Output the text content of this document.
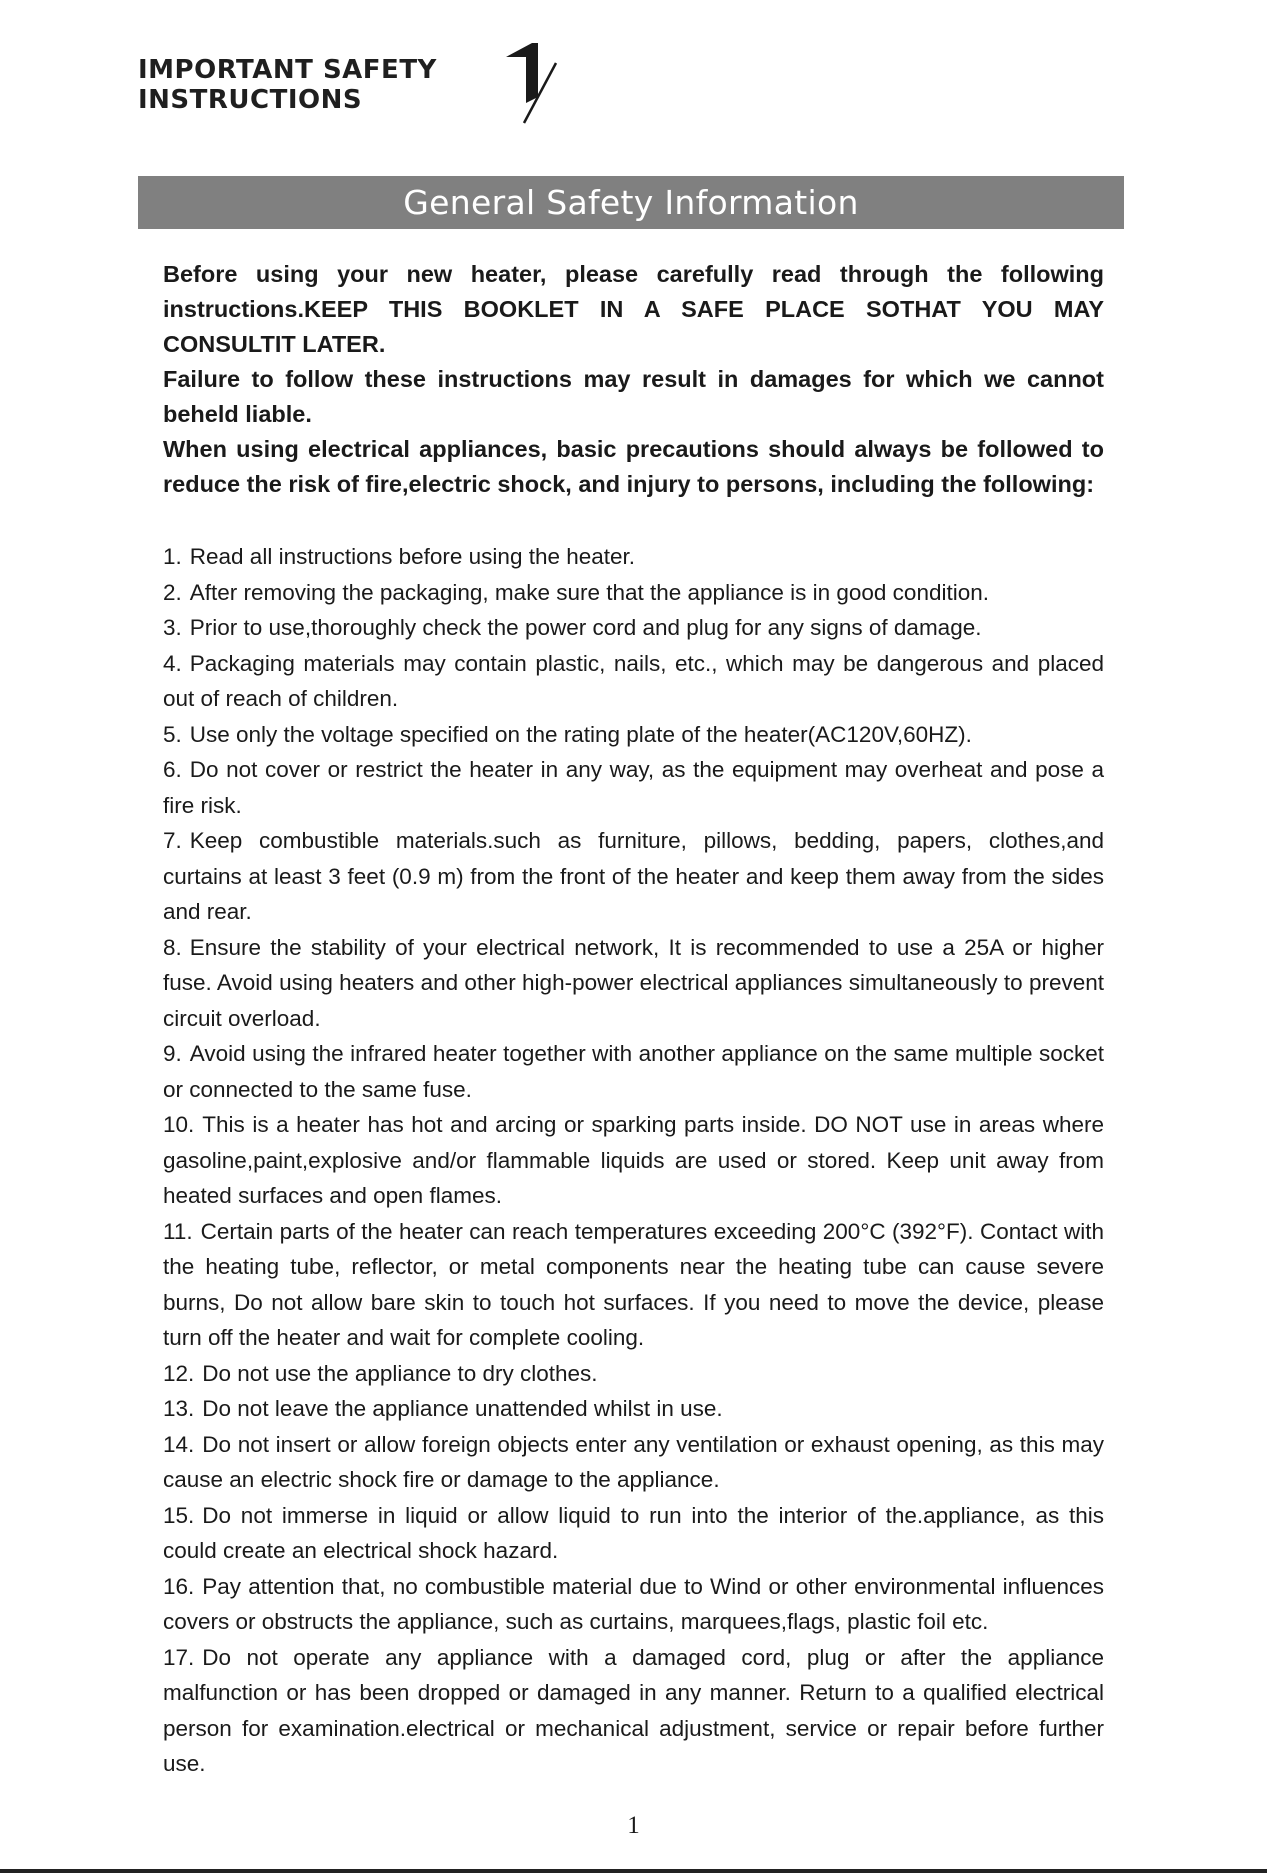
IMPORTANT SAFETY
INSTRUCTIONS
1
General Safety Information

Before using your new heater, please carefully read through the following instructions.KEEP THIS BOOKLET IN A SAFE PLACE SOTHAT YOU MAY CONSULTIT LATER.

Failure to follow these instructions may result in damages for which we cannot beheld liable.

When using electrical appliances, basic precautions should always be followed to reduce the risk of fire,electric shock, and injury to persons, including the following:

1. Read all instructions before using the heater.
2. After removing the packaging, make sure that the appliance is in good condition.
3. Prior to use,thoroughly check the power cord and plug for any signs of damage.
4. Packaging materials may contain plastic, nails, etc., which may be dangerous and placed out of reach of children.
5. Use only the voltage specified on the rating plate of the heater(AC120V,60HZ).
6. Do not cover or restrict the heater in any way, as the equipment may overheat and pose a fire risk.
7. Keep combustible materials.such as furniture, pillows, bedding, papers, clothes,and curtains at least 3 feet (0.9 m) from the front of the heater and keep them away from the sides and rear.
8. Ensure the stability of your electrical network, It is recommended to use a 25A or higher fuse. Avoid using heaters and other high-power electrical appliances simultaneously to prevent circuit overload.
9. Avoid using the infrared heater together with another appliance on the same multiple socket or connected to the same fuse.
10. This is a heater has hot and arcing or sparking parts inside. DO NOT use in areas where gasoline,paint,explosive and/or flammable liquids are used or stored. Keep unit away from heated surfaces and open flames.
11. Certain parts of the heater can reach temperatures exceeding 200°C (392°F). Contact with the heating tube, reflector, or metal components near the heating tube can cause severe burns, Do not allow bare skin to touch hot surfaces. If you need to move the device, please turn off the heater and wait for complete cooling.
12. Do not use the appliance to dry clothes.
13. Do not leave the appliance unattended whilst in use.
14. Do not insert or allow foreign objects enter any ventilation or exhaust opening, as this may cause an electric shock fire or damage to the appliance.
15. Do not immerse in liquid or allow liquid to run into the interior of the.appliance, as this could create an electrical shock hazard.
16. Pay attention that, no combustible material due to Wind or other environmental influences covers or obstructs the appliance, such as curtains, marquees,flags, plastic foil etc.
17. Do not operate any appliance with a damaged cord, plug or after the appliance malfunction or has been dropped or damaged in any manner. Return to a qualified electrical person for examination.electrical or mechanical adjustment, service or repair before further use.
1
